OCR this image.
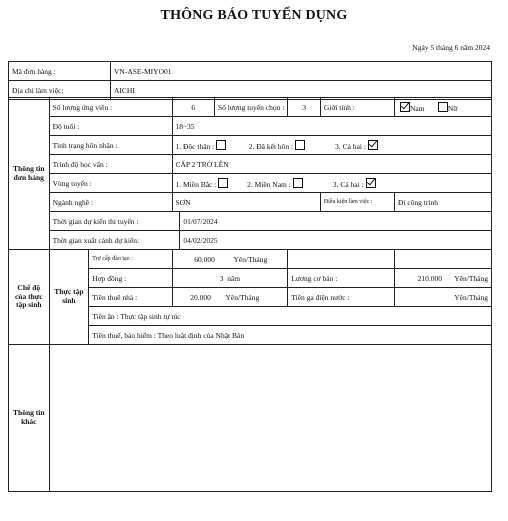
THÔNG BÁO TUYỂN DỤNG
Ngày 5 tháng 6 năm 2024
Mã đơn hàng :	VN-ASE-MIYO01
Địa chỉ làm việc:	AICHI
Thông tin đơn hàng	Số lượng ứng viên :		6		Số lượng tuyển chọn :	3	Giới tính :	Nam Nữ
	Độ tuổi :		18~35					
	Tình trạng hôn nhân :		1. Độc thân : 2. Đã kết hôn : 3. Cả hai :					
	Trình độ học vấn :		CẤP 2 TRỞ LÊN					
	Vùng tuyển :		1. Miền Bắc : 2. Miền Nam : 3. Cả hai :					
	Ngành nghề :		SƠN				Điều kiện làm việc :	Đi công trình
	Thời gian dự kiến thi tuyển :			01/07/2024				
	Thời gian xuất cảnh dự kiến:			04/02/2025				
Chế độ của thực tập sinh	Thực tập sinh	Trợ cấp đào tạo :	60.000 Yên/Tháng					
		Hợp đồng :	3 năm			Lương cơ bản :		210.000 Yên/Tháng

		Tiền thuê nhà :	20.000 Yên/Tháng			Tiền ga điện nước :		Yên/Tháng

		Tiền ăn : Thực tập sinh tự túc						
		Tiền thuế, bảo hiểm : Theo luật định của Nhật Bản						
Thông tin khác								
